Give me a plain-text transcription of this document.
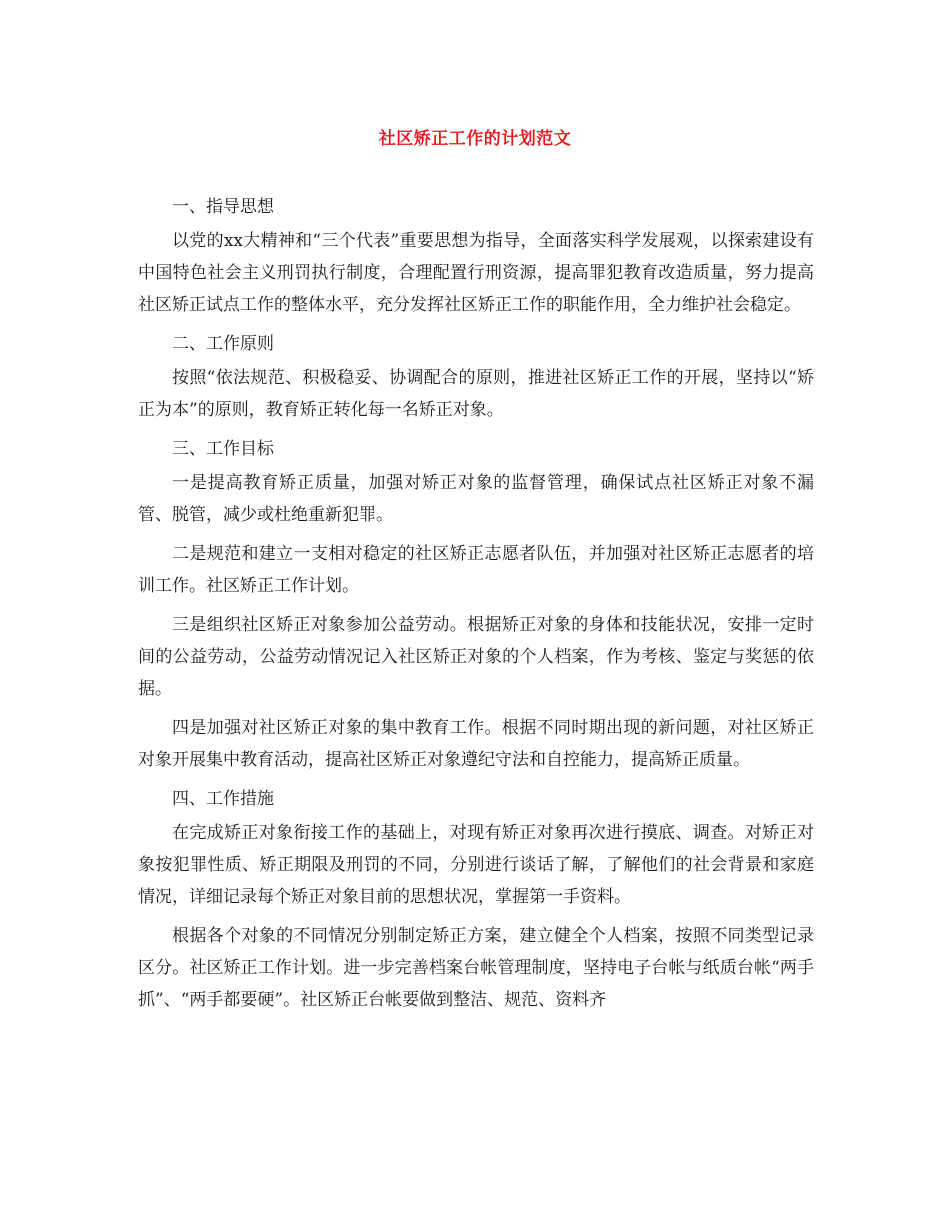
社区矫正工作的计划范文

一、指导思想

以党的xx大精神和“三个代表”重要思想为指导，全面落实科学发展观，以探索建设有中国特色社会主义刑罚执行制度，合理配置行刑资源，提高罪犯教育改造质量，努力提高社区矫正试点工作的整体水平，充分发挥社区矫正工作的职能作用，全力维护社会稳定。

二、工作原则

按照“依法规范、积极稳妥、协调配合的原则，推进社区矫正工作的开展，坚持以“矫正为本”的原则，教育矫正转化每一名矫正对象。

三、工作目标

一是提高教育矫正质量，加强对矫正对象的监督管理，确保试点社区矫正对象不漏管、脱管，减少或杜绝重新犯罪。

二是规范和建立一支相对稳定的社区矫正志愿者队伍，并加强对社区矫正志愿者的培训工作。社区矫正工作计划。

三是组织社区矫正对象参加公益劳动。根据矫正对象的身体和技能状况，安排一定时间的公益劳动，公益劳动情况记入社区矫正对象的个人档案，作为考核、鉴定与奖惩的依据。

四是加强对社区矫正对象的集中教育工作。根据不同时期出现的新问题，对社区矫正对象开展集中教育活动，提高社区矫正对象遵纪守法和自控能力，提高矫正质量。

四、工作措施

在完成矫正对象衔接工作的基础上，对现有矫正对象再次进行摸底、调查。对矫正对象按犯罪性质、矫正期限及刑罚的不同，分别进行谈话了解，了解他们的社会背景和家庭情况，详细记录每个矫正对象目前的思想状况，掌握第一手资料。

根据各个对象的不同情况分别制定矫正方案，建立健全个人档案，按照不同类型记录区分。社区矫正工作计划。进一步完善档案台帐管理制度，坚持电子台帐与纸质台帐“两手抓”、“两手都要硬”。社区矫正台帐要做到整洁、规范、资料齐
